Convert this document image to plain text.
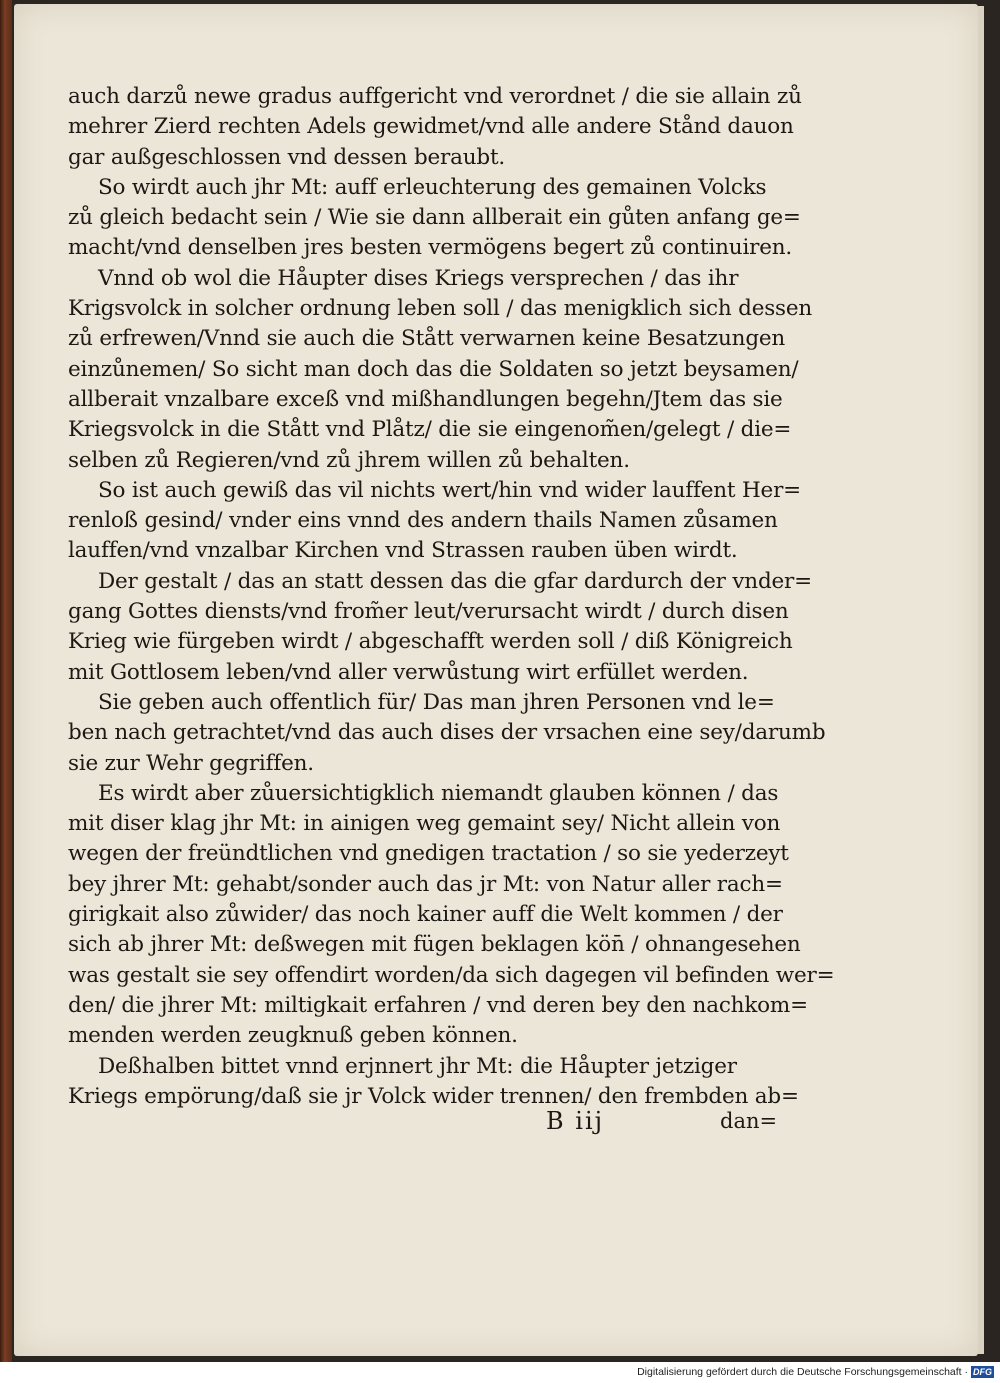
auch darzů newe gradus auffgericht vnd verordnet / die sie allain zů
mehrer Zierd rechten Adels gewidmet/vnd alle andere Stånd dauon
gar außgeschlossen vnd dessen beraubt.
So wirdt auch jhr Mt: auff erleuchterung des gemainen Volcks
zů gleich bedacht sein / Wie sie dann allberait ein gůten anfang ge=
macht/vnd denselben jres besten vermögens begert zů continuiren.
Vnnd ob wol die Håupter dises Kriegs versprechen / das ihr
Krigsvolck in solcher ordnung leben soll / das menigklich sich dessen
zů erfrewen/Vnnd sie auch die Stått verwarnen keine Besatzungen
einzůnemen/ So sicht man doch das die Soldaten so jetzt beysamen/
allberait vnzalbare exceß vnd mißhandlungen begehn/Jtem das sie
Kriegsvolck in die Stått vnd Plåtz/ die sie eingenom̃en/gelegt / die=
selben zů Regieren/vnd zů jhrem willen zů behalten.
So ist auch gewiß das vil nichts wert/hin vnd wider lauffent Her=
renloß gesind/ vnder eins vnnd des andern thails Namen zůsamen
lauffen/vnd vnzalbar Kirchen vnd Strassen rauben üben wirdt.
Der gestalt / das an statt dessen das die gfar dardurch der vnder=
gang Gottes diensts/vnd from̃er leut/verursacht wirdt / durch disen
Krieg wie fürgeben wirdt / abgeschafft werden soll / diß Königreich
mit Gottlosem leben/vnd aller verwůstung wirt erfüllet werden.
Sie geben auch offentlich für/ Das man jhren Personen vnd le=
ben nach getrachtet/vnd das auch dises der vrsachen eine sey/darumb
sie zur Wehr gegriffen.
Es wirdt aber zůuersichtigklich niemandt glauben können / das
mit diser klag jhr Mt: in ainigen weg gemaint sey/ Nicht allein von
wegen der freündtlichen vnd gnedigen tractation / so sie yederzeyt
bey jhrer Mt: gehabt/sonder auch das jr Mt: von Natur aller rach=
girigkait also zůwider/ das noch kainer auff die Welt kommen / der
sich ab jhrer Mt: deßwegen mit fügen beklagen kön̄ / ohnangesehen
was gestalt sie sey offendirt worden/da sich dagegen vil befinden wer=
den/ die jhrer Mt: miltigkait erfahren / vnd deren bey den nachkom=
menden werden zeugknuß geben können.
Deßhalben bittet vnnd erjnnert jhr Mt: die Håupter jetziger
Kriegs empörung/daß sie jr Volck wider trennen/ den frembden ab=
B iij	dan=
Digitalisierung gefördert durch die Deutsche Forschungsgemeinschaft · DFG
